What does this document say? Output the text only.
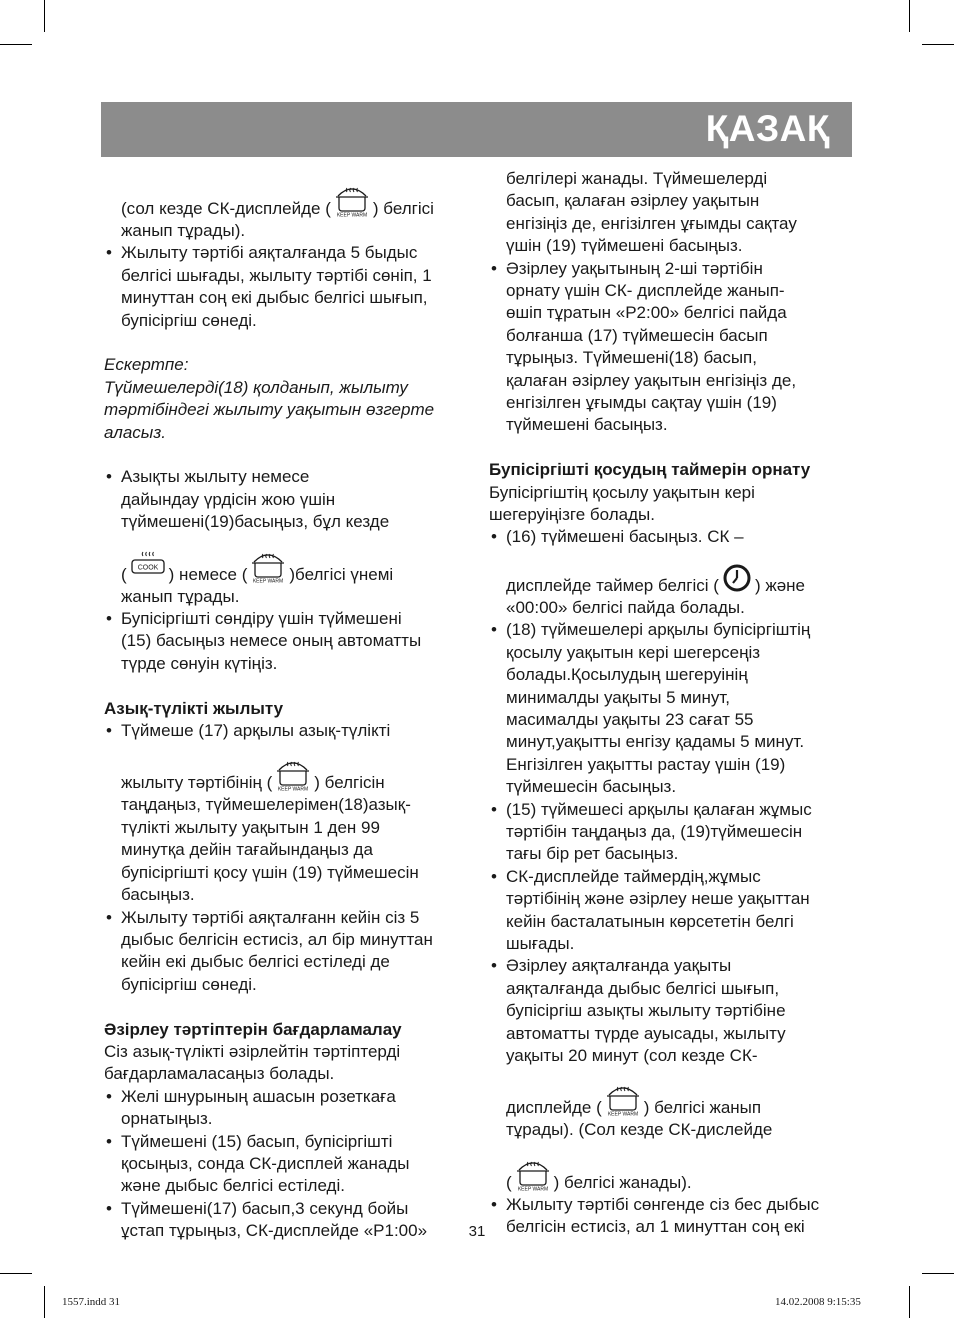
ҚАЗАҚ

(сол кезде СК-дисплейде ( KEEP WARM ) белгісі

жанып тұрады).

• Жылыту тәртібі аяқталғанда 5 быдыс
белгісі шығады, жылыту тәртібі сөніп, 1
минуттан соң екі дыбыс белгісі шығып,
бупісіргіш сөнеді.

Ескертпе:

Түймешелерді(18) қолданып, жылыту
тәртібіндегі жылыту уақытын өзгерте
аласыз.
• Азықты жылыту немесе
дайындау үрдісін жою үшін
түймешені(19)басыңыз, бұл кезде

( COOK ) немесе ( KEEP WARM )белгісі үнемі

жанып тұрады.

• Бупісіргішті сөндіру үшін түймешені
(15) басыңыз немесе оның автоматты
түрде сөнуін күтіңіз.

Азық-түлікті жылыту

• Түймеше (17) арқылы азық-түлікті

жылыту тәртібінің ( KEEP WARM ) белгісін

таңдаңыз, түймешелерімен(18)азық-
түлікті жылыту уақытын 1 ден 99
минутқа дейін тағайындаңыз да
бупісіргішті қосу үшін (19) түймешесін
басыңыз.
• Жылыту тәртібі аяқталғанн кейін сіз 5
дыбыс белгісін естисіз, ал бір минуттан
кейін екі дыбыс белгісі естіледі де
бупісіргіш сөнеді.

Әзірлеу тәртіптерін бағдарламалау

Сіз азық-түлікті әзірлейтін тәртіптерді
бағдарламаласаңыз болады.
• Желі шнурының ашасын розеткаға
орнатыңыз.
• Түймешені (15) басып, бупісіргішті
қосыңыз, сонда СК-дисплей жанады
және дыбыс белгісі естіледі.
• Түймешені(17) басып,3 секунд бойы
ұстап тұрыңыз, СК-дисплейде «P1:00»
белгілері жанады. Түймешелерді
басып, қалаған әзірлеу уақытын
енгізіңіз де, енгізілген ұғымды сақтау
үшін (19) түймешені басыңыз.
• Әзірлеу уақытының 2-ші тәртібін
орнату үшін СК- дисплейде жанып-
өшіп тұратын «P2:00» белгісі пайда
болғанша (17) түймешесін басып
тұрыңыз. Түймешені(18) басып,
қалаған әзірлеу уақытын енгізіңіз де,
енгізілген ұғымды сақтау үшін (19)
түймешені басыңыз.

Бупісіргішті қосудың таймерін орнату

Бупісіргіштің қосылу уақытын кері
шегеруіңізге болады.

• (16) түймешені басыңыз. СК –

дисплейде таймер белгісі ( ) және

«00:00» белгісі пайда болады.

• (18) түймешелері арқылы бупісіргіштің
қосылу уақытын кері шегерсеңіз
болады.Қосылудың шегеруінің
минималды уақыты 5 минут,
масималды уақыты 23 сағат 55
минут,уақытты енгізу қадамы 5 минут.
Енгізілген уақытты растау үшін (19)
түймешесін басыңыз.
• (15) түймешесі арқылы қалаған жұмыс
тәртібін таңдаңыз да, (19)түймешесін
тағы бір рет басыңыз.
• СК-дисплейде таймердің,жұмыс
тәртібінің және әзірлеу неше уақыттан
кейін басталатынын көрсететін белгі
шығады.
• Әзірлеу аяқталғанда уақыты
аяқталғанда дыбыс белгісі шығып,
бупісіргіш азықты жылыту тәртібіне
автоматты түрде ауысады, жылыту
уақыты 20 минут (сол кезде СК-

дисплейде ( KEEP WARM ) белгісі жанып

тұрады). (Сол кезде СК-дислейде

( KEEP WARM ) белгісі жанады).

• Жылыту тәртібі сөнгенде сіз бес дыбыс
белгісін естисіз, ал 1 минуттан соң екі
31
1557.indd 31	14.02.2008 9:15:35
